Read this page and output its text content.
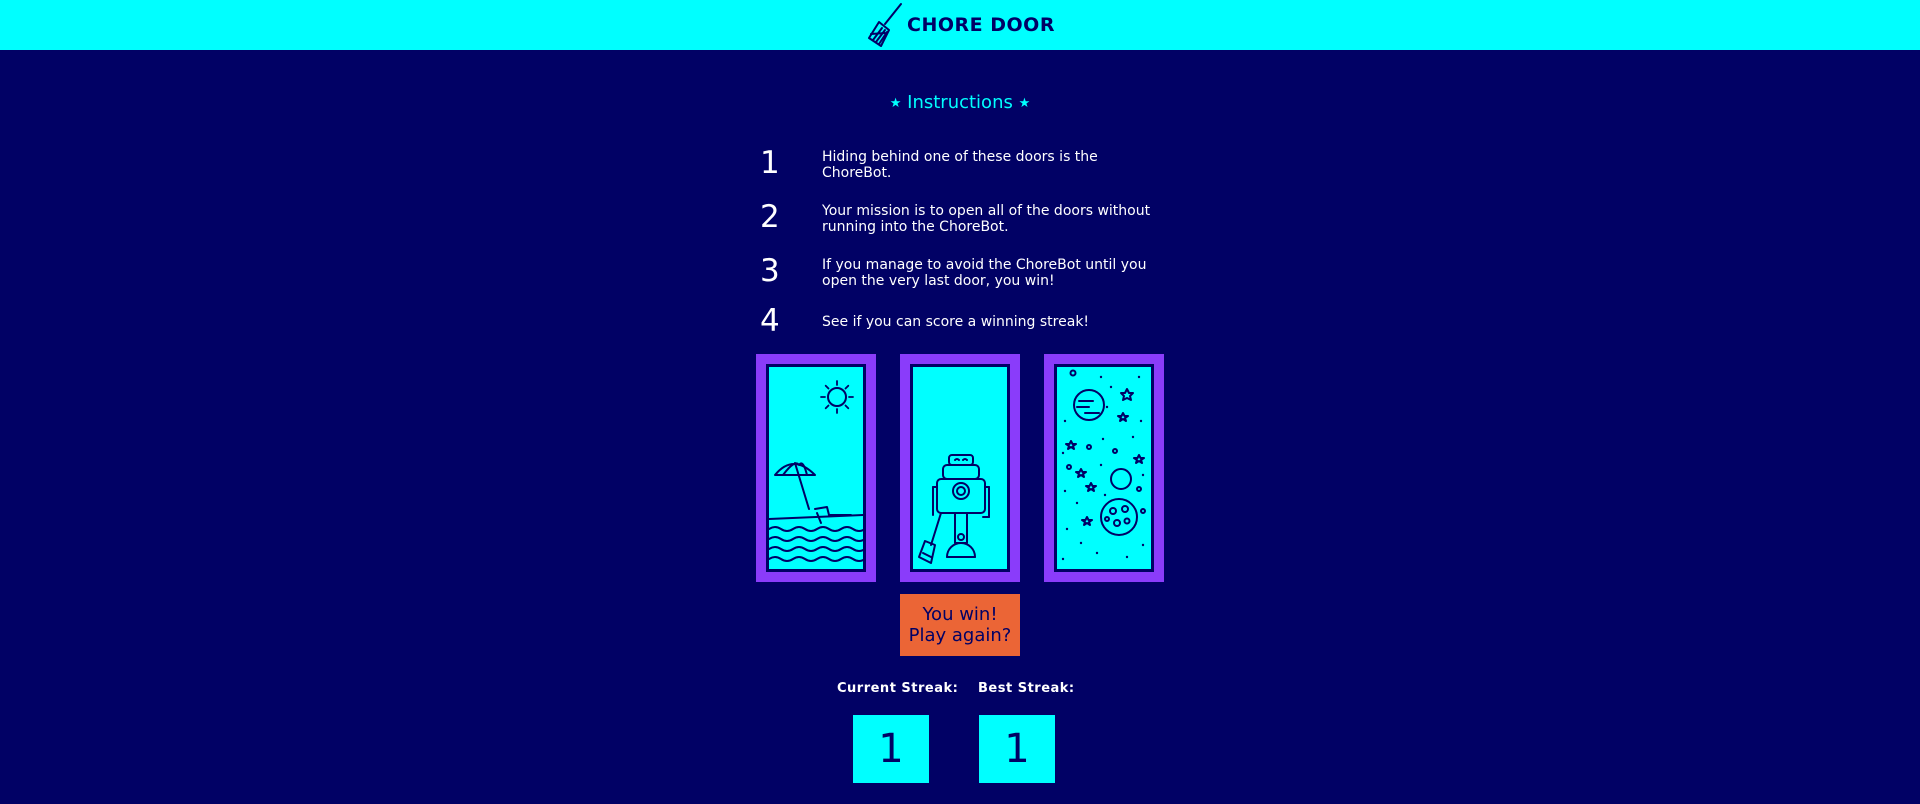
CHORE DOOR
★ Instructions ★
1	Hiding behind one of these doors is the ChoreBot.
2	Your mission is to open all of the doors without running into the ChoreBot.
3	If you manage to avoid the ChoreBot until you open the very last door, you win!
4	See if you can score a winning streak!
You win! Play again?
Current Streak: Best Streak:
1	1
